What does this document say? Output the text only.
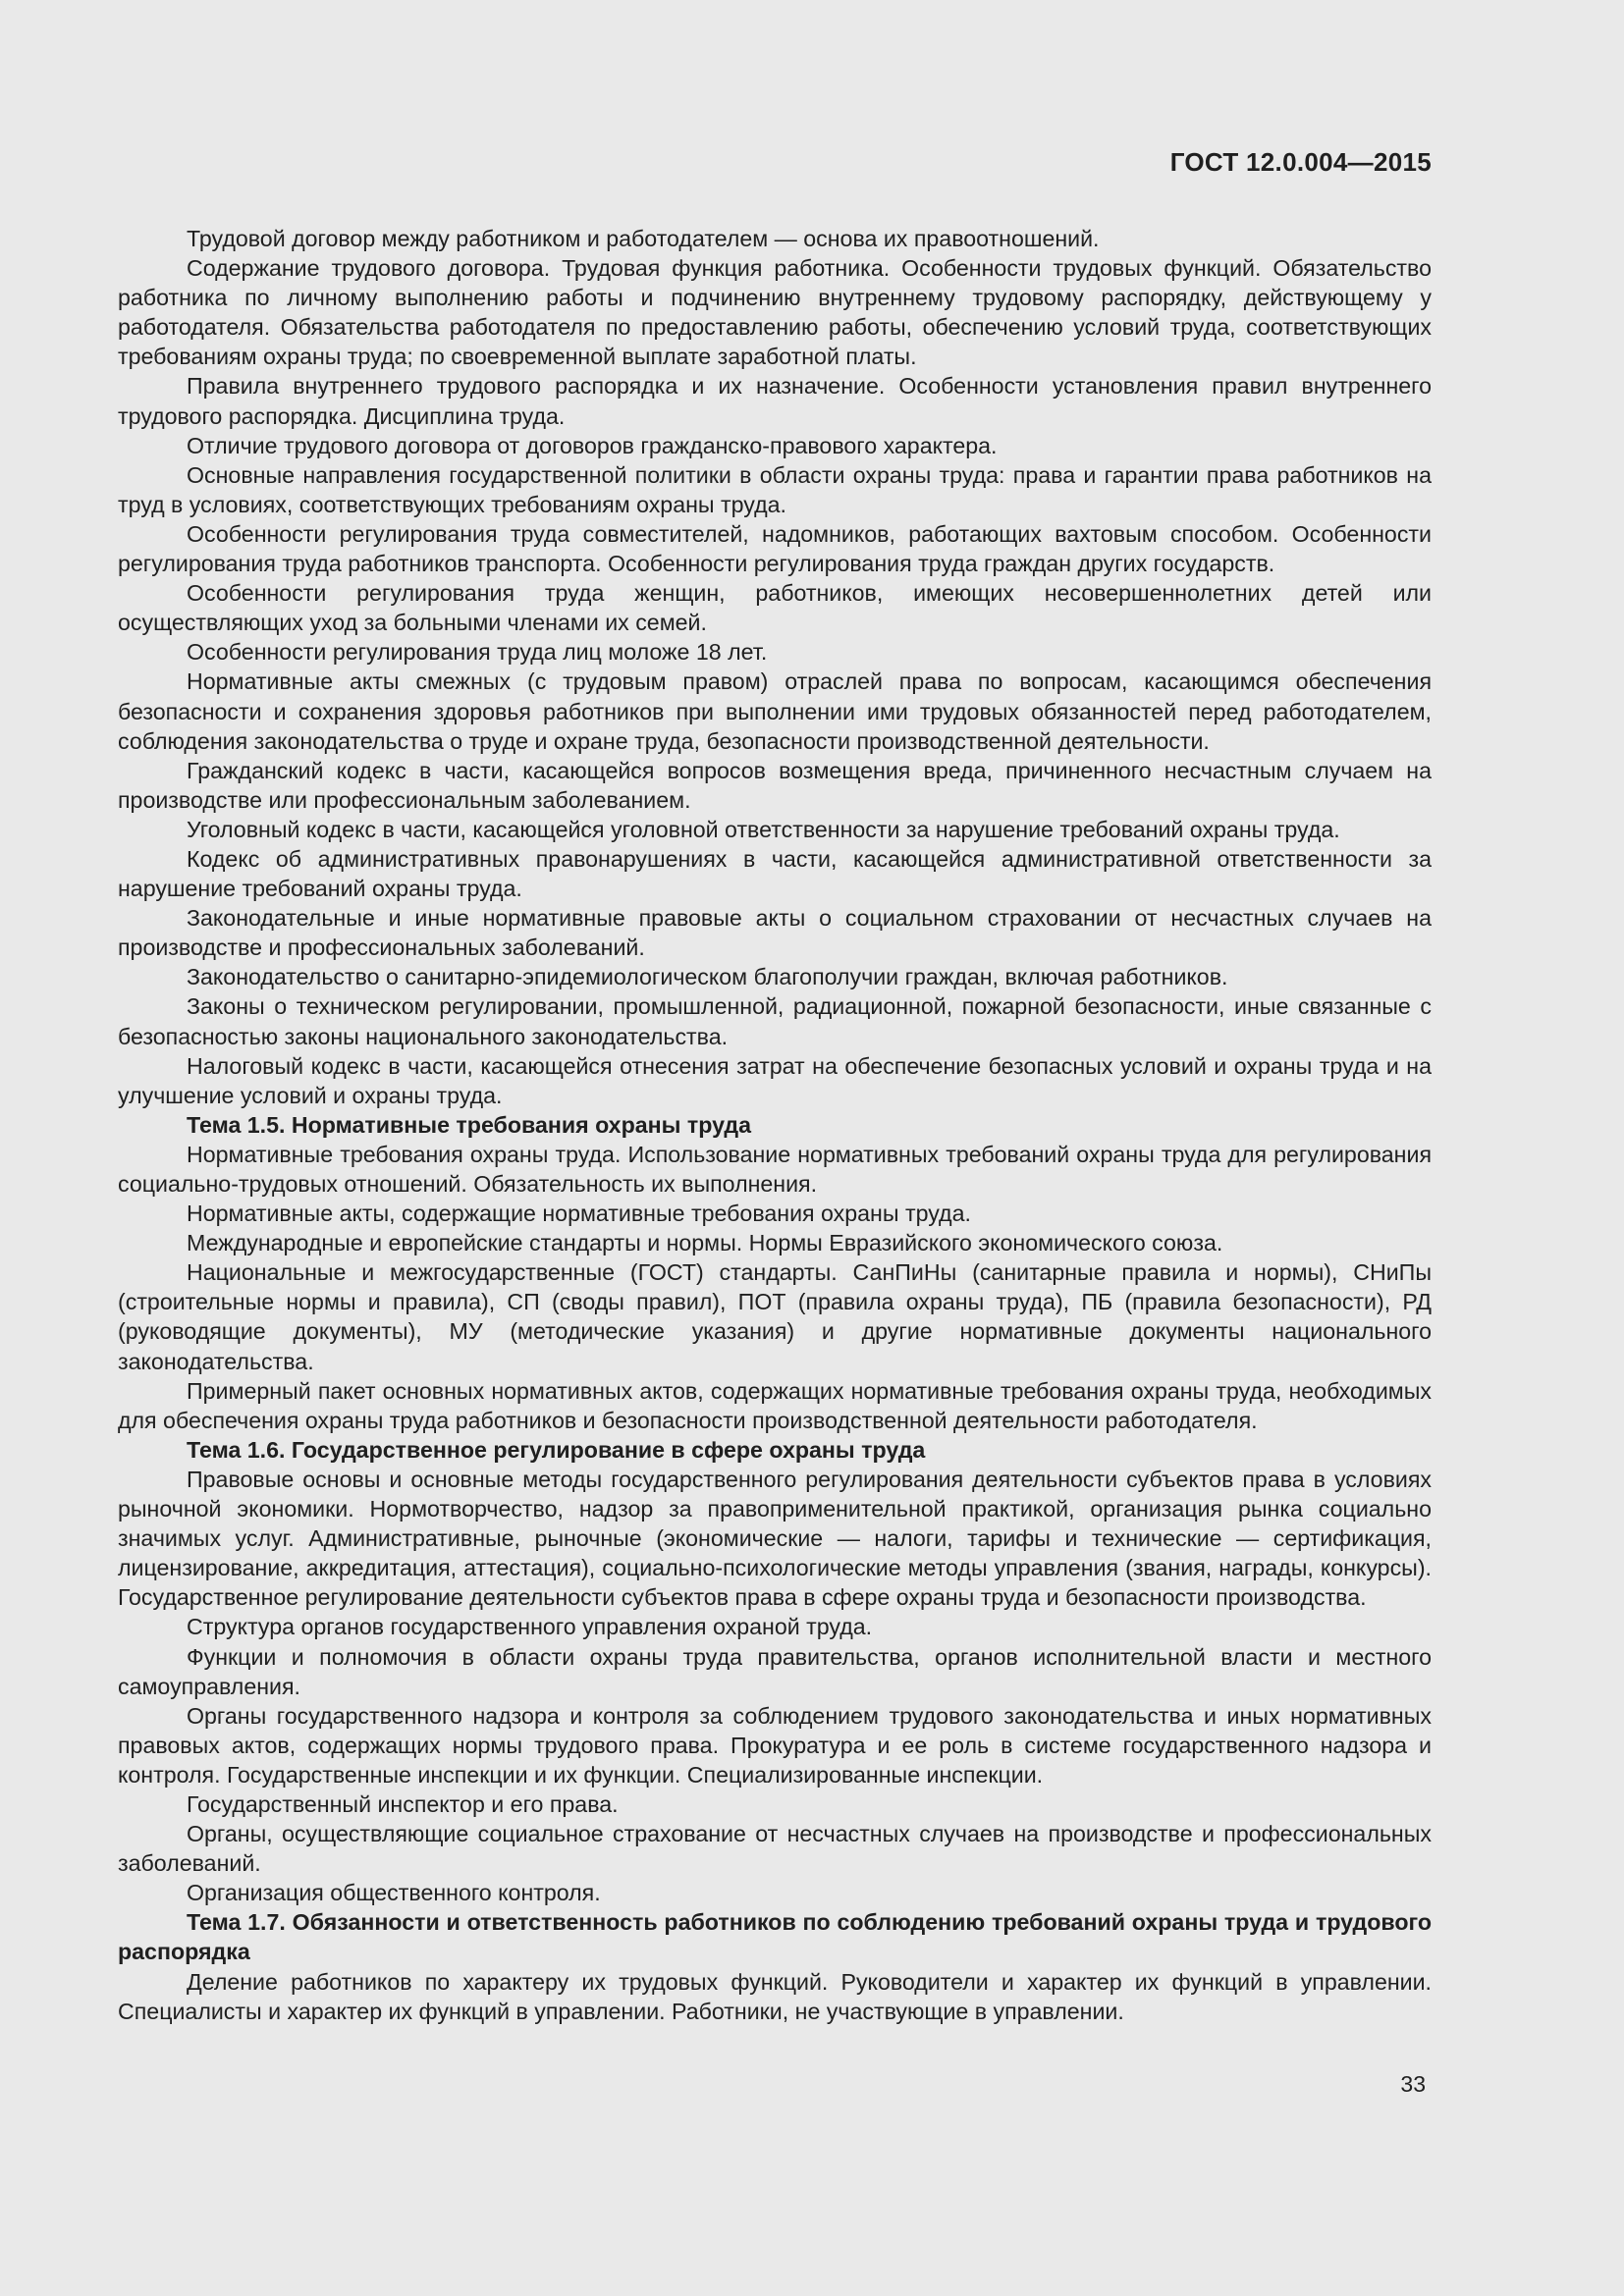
ГОСТ 12.0.004—2015

Трудовой договор между работником и работодателем — основа их правоотношений.

Содержание трудового договора. Трудовая функция работника. Особенности трудовых функций. Обязательство работника по личному выполнению работы и подчинению внутреннему трудовому распорядку, действующему у работодателя. Обязательства работодателя по предоставлению работы, обеспечению условий труда, соответствующих требованиям охраны труда; по своевременной выплате заработной платы.

Правила внутреннего трудового распорядка и их назначение. Особенности установления правил внутреннего трудового распорядка. Дисциплина труда.

Отличие трудового договора от договоров гражданско-правового характера.

Основные направления государственной политики в области охраны труда: права и гарантии права работников на труд в условиях, соответствующих требованиям охраны труда.

Особенности регулирования труда совместителей, надомников, работающих вахтовым способом. Особенности регулирования труда работников транспорта. Особенности регулирования труда граждан других государств.

Особенности регулирования труда женщин, работников, имеющих несовершеннолетних детей или осуществляющих уход за больными членами их семей.

Особенности регулирования труда лиц моложе 18 лет.

Нормативные акты смежных (с трудовым правом) отраслей права по вопросам, касающимся обеспечения безопасности и сохранения здоровья работников при выполнении ими трудовых обязанностей перед работодателем, соблюдения законодательства о труде и охране труда, безопасности производственной деятельности.

Гражданский кодекс в части, касающейся вопросов возмещения вреда, причиненного несчастным случаем на производстве или профессиональным заболеванием.

Уголовный кодекс в части, касающейся уголовной ответственности за нарушение требований охраны труда.

Кодекс об административных правонарушениях в части, касающейся административной ответственности за нарушение требований охраны труда.

Законодательные и иные нормативные правовые акты о социальном страховании от несчастных случаев на производстве и профессиональных заболеваний.

Законодательство о санитарно-эпидемиологическом благополучии граждан, включая работников.

Законы о техническом регулировании, промышленной, радиационной, пожарной безопасности, иные связанные с безопасностью законы национального законодательства.

Налоговый кодекс в части, касающейся отнесения затрат на обеспечение безопасных условий и охраны труда и на улучшение условий и охраны труда.

Тема 1.5. Нормативные требования охраны труда

Нормативные требования охраны труда. Использование нормативных требований охраны труда для регулирования социально-трудовых отношений. Обязательность их выполнения.

Нормативные акты, содержащие нормативные требования охраны труда.

Международные и европейские стандарты и нормы. Нормы Евразийского экономического союза.

Национальные и межгосударственные (ГОСТ) стандарты. СанПиНы (санитарные правила и нормы), СНиПы (строительные нормы и правила), СП (своды правил), ПОТ (правила охраны труда), ПБ (правила безопасности), РД (руководящие документы), МУ (методические указания) и другие нормативные документы национального законодательства.

Примерный пакет основных нормативных актов, содержащих нормативные требования охраны труда, необходимых для обеспечения охраны труда работников и безопасности производственной деятельности работодателя.

Тема 1.6. Государственное регулирование в сфере охраны труда

Правовые основы и основные методы государственного регулирования деятельности субъектов права в условиях рыночной экономики. Нормотворчество, надзор за правоприменительной практикой, организация рынка социально значимых услуг. Административные, рыночные (экономические — налоги, тарифы и технические — сертификация, лицензирование, аккредитация, аттестация), социально-психологические методы управления (звания, награды, конкурсы). Государственное регулирование деятельности субъектов права в сфере охраны труда и безопасности производства.

Структура органов государственного управления охраной труда.

Функции и полномочия в области охраны труда правительства, органов исполнительной власти и местного самоуправления.

Органы государственного надзора и контроля за соблюдением трудового законодательства и иных нормативных правовых актов, содержащих нормы трудового права. Прокуратура и ее роль в системе государственного надзора и контроля. Государственные инспекции и их функции. Специализированные инспекции.

Государственный инспектор и его права.

Органы, осуществляющие социальное страхование от несчастных случаев на производстве и профессиональных заболеваний.

Организация общественного контроля.

Тема 1.7. Обязанности и ответственность работников по соблюдению требований охраны труда и трудового распорядка

Деление работников по характеру их трудовых функций. Руководители и характер их функций в управлении. Специалисты и характер их функций в управлении. Работники, не участвующие в управлении.

33
